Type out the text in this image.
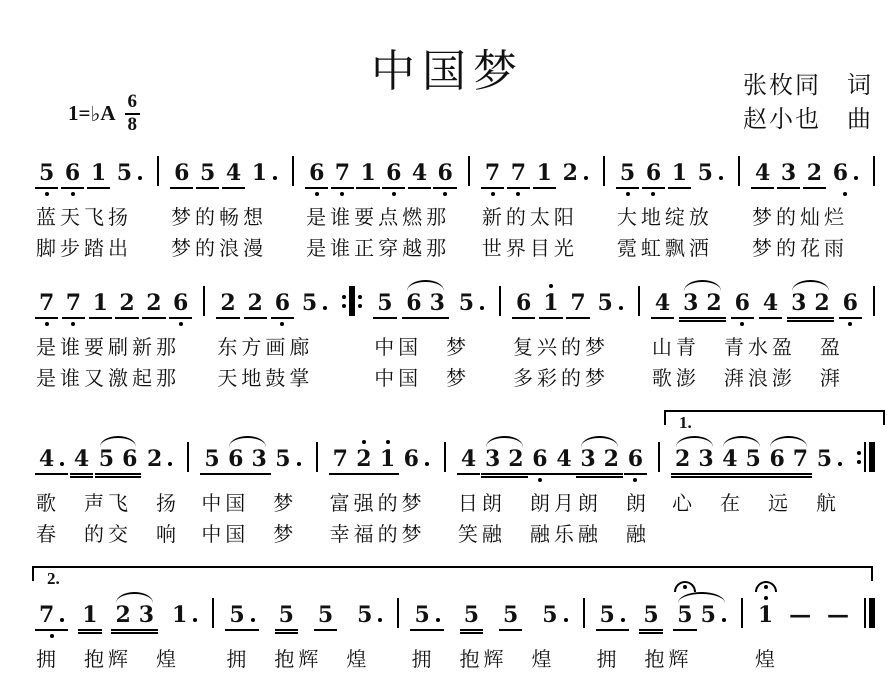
中国梦
1= ♭ A $\frac{6}{8}$
张枚同　词
赵小也　曲
5 6 1 5
蓝天飞扬
脚步踏出
6 5 4 1
梦的畅想
梦的浪漫
6 7 1 6 4 6
是谁要点燃那
是谁正穿越那
7 7 1 2
新的太阳
世界目光
5 6 1 5
大地绽放
霓虹飘洒
4 3 2 6
梦的灿烂
梦的花雨
7 7 1 2 2 6
是谁要刷新那
是谁又激起那
2 2 6 5
东方画廊
天地鼓掌
5 6 3 5
中国　梦
中国　梦
6 1 7 5
复兴的梦
多彩的梦
4 3 2 6 4 3 2 6
山青　青水盈　盈
歌澎　湃浪澎　湃
4 4 5 6 2
歌　声飞　扬
春　的交　响
5 6 3 5
中国　梦
中国　梦
7 2 1 6
富强的梦
幸福的梦
4 3 2 6 4 3 2 6
日朗　朗月朗　朗
笑融　融乐融　融
1.
2 3 4 5 6 7 5
心　在　远　航
2.
7	1 2 3 1
拥　抱辉　煌
5	5 5 5
拥　抱辉　煌
5	5 5 5
拥　抱辉　煌
5	5 5 5
拥　抱辉
1 — —
煌
